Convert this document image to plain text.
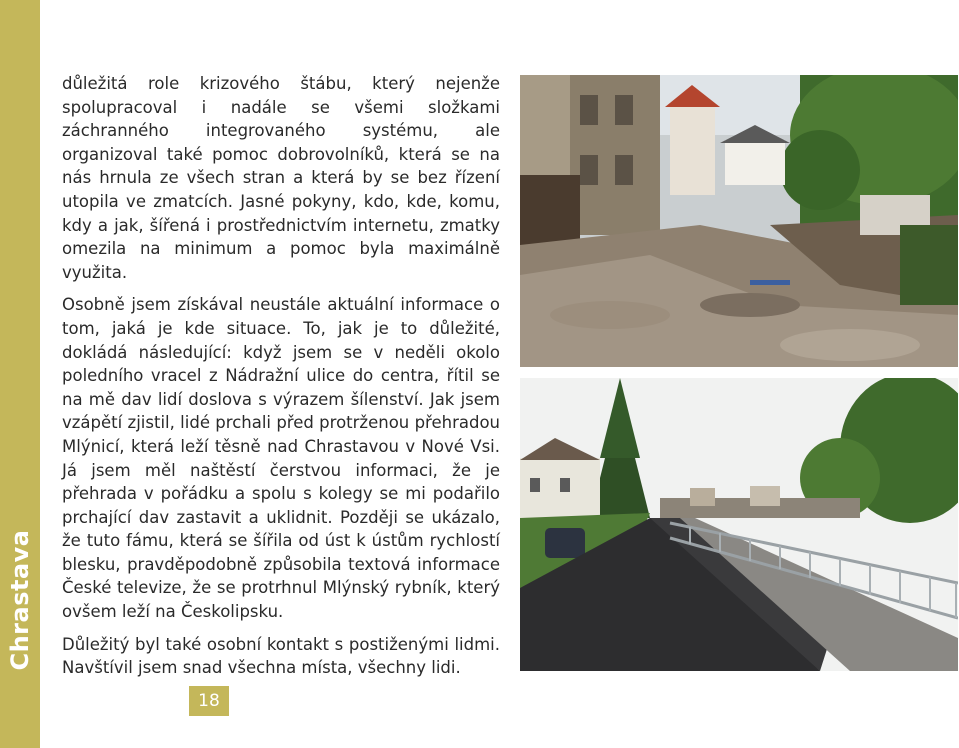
Chrastava

důležitá role krizového štábu, který nejenže spolupracoval i nadále se všemi složkami záchranného integrovaného systému, ale organizoval také pomoc dobrovolníků, která se na nás hrnula ze všech stran a která by se bez řízení utopila ve zmatcích. Jasné pokyny, kdo, kde, komu, kdy a jak, šířená i prostřednictvím internetu, zmatky omezila na minimum a pomoc byla maximálně využita.

Osobně jsem získával neustále aktuální informace o tom, jaká je kde situace. To, jak je to důležité, dokládá následující: když jsem se v neděli okolo poledního vracel z Nádražní ulice do centra, řítil se na mě dav lidí doslova s výrazem šílenství. Jak jsem vzápětí zjistil, lidé prchali před protrženou přehradou Mlýnicí, která leží těsně nad Chrastavou v Nové Vsi. Já jsem měl naštěstí čerstvou informaci, že je přehrada v pořádku a spolu s kolegy se mi podařilo prchající dav zastavit a uklidnit. Později se ukázalo, že tuto fámu, která se šířila od úst k ústům rychlostí blesku, pravděpodobně způsobila textová informace České televize, že se protrhnul Mlýnský rybník, který ovšem leží na Českolipsku.

Důležitý byl také osobní kontakt s postiženými lidmi. Navštívil jsem snad všechna místa, všechny lidi.

18
